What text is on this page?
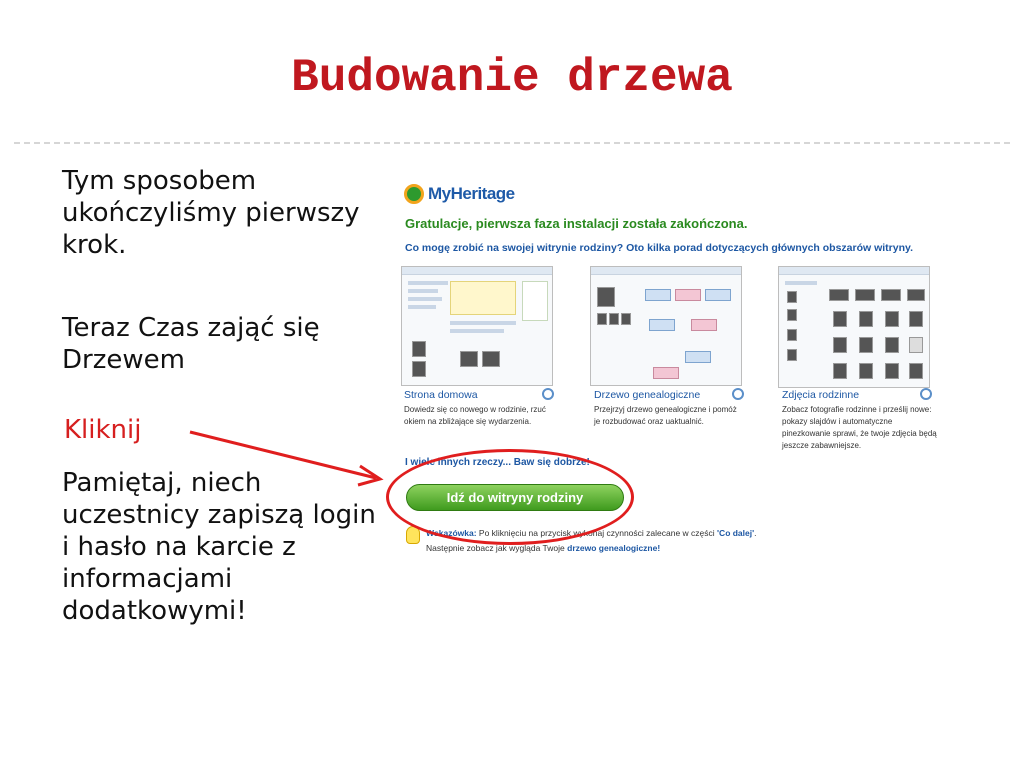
Budowanie drzewa
Tym sposobem ukończyliśmy pierwszy krok.
Teraz Czas zająć się Drzewem
Kliknij
Pamiętaj, niech uczestnicy zapiszą login i hasło na karcie z informacjami dodatkowymi!
MyHeritage
Gratulacje, pierwsza faza instalacji została zakończona.
Co mogę zrobić na swojej witrynie rodziny? Oto kilka porad dotyczących głównych obszarów witryny.
Strona domowa
Dowiedz się co nowego w rodzinie, rzuć okiem na zbliżające się wydarzenia.
Drzewo genealogiczne
Przejrzyj drzewo genealogiczne i pomóż je rozbudować oraz uaktualnić.
Zdjęcia rodzinne
Zobacz fotografie rodzinne i prześlij nowe: pokazy slajdów i automatyczne pinezkowanie sprawi, że twoje zdjęcia będą jeszcze zabawniejsze.
I wiele innych rzeczy... Baw się dobrze!
Idź do witryny rodziny
Wskazówka: Po kliknięciu na przycisk wykonaj czynności zalecane w części 'Co dalej'.
Następnie zobacz jak wygląda Twoje drzewo genealogiczne!
